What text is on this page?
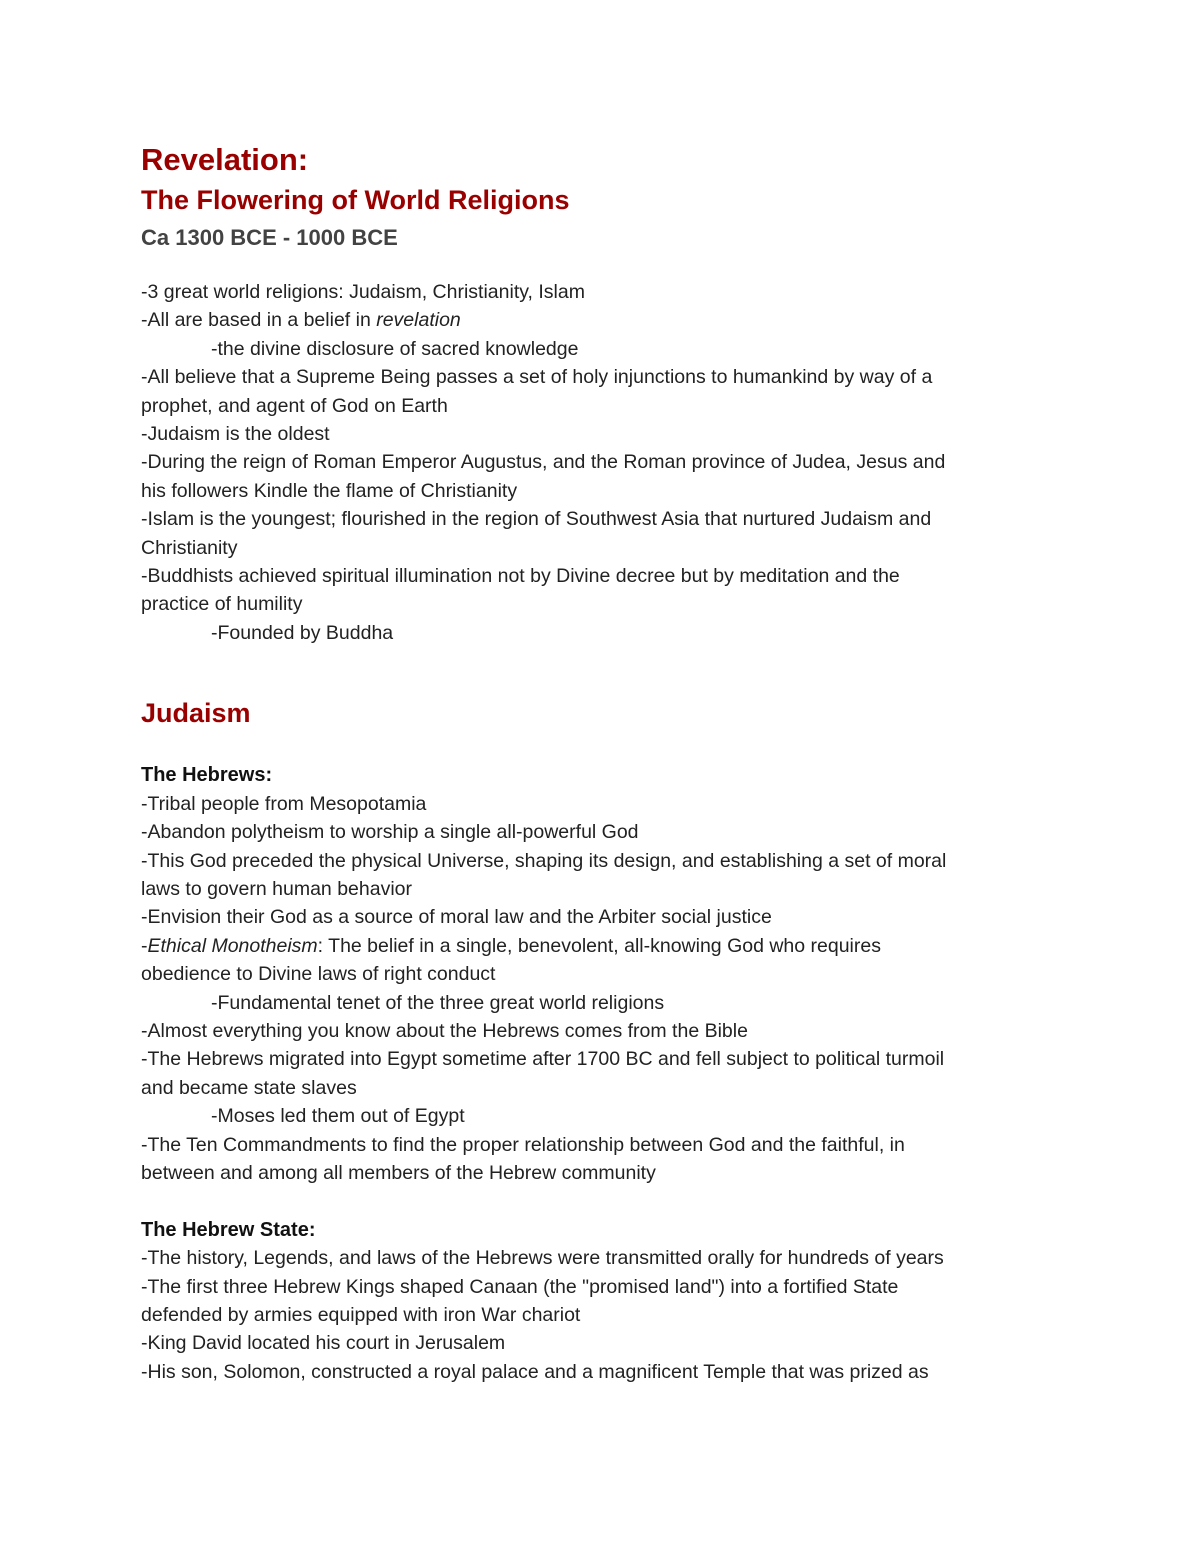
Revelation:
The Flowering of World Religions
Ca 1300 BCE - 1000 BCE

-3 great world religions: Judaism, Christianity, Islam

-All are based in a belief in revelation

-the divine disclosure of sacred knowledge

-All believe that a Supreme Being passes a set of holy injunctions to humankind by way of a

prophet, and agent of God on Earth

-Judaism is the oldest

-During the reign of Roman Emperor Augustus, and the Roman province of Judea, Jesus and

his followers Kindle the flame of Christianity

-Islam is the youngest; flourished in the region of Southwest Asia that nurtured Judaism and

Christianity

-Buddhists achieved spiritual illumination not by Divine decree but by meditation and the

practice of humility

-Founded by Buddha

Judaism
The Hebrews:

-Tribal people from Mesopotamia

-Abandon polytheism to worship a single all-powerful God

-This God preceded the physical Universe, shaping its design, and establishing a set of moral

laws to govern human behavior

-Envision their God as a source of moral law and the Arbiter social justice

-Ethical Monotheism: The belief in a single, benevolent, all-knowing God who requires

obedience to Divine laws of right conduct

-Fundamental tenet of the three great world religions

-Almost everything you know about the Hebrews comes from the Bible

-The Hebrews migrated into Egypt sometime after 1700 BC and fell subject to political turmoil

and became state slaves

-Moses led them out of Egypt

-The Ten Commandments to find the proper relationship between God and the faithful, in

between and among all members of the Hebrew community

The Hebrew State:

-The history, Legends, and laws of the Hebrews were transmitted orally for hundreds of years

-The first three Hebrew Kings shaped Canaan (the "promised land") into a fortified State

defended by armies equipped with iron War chariot

-King David located his court in Jerusalem

-His son, Solomon, constructed a royal palace and a magnificent Temple that was prized as
